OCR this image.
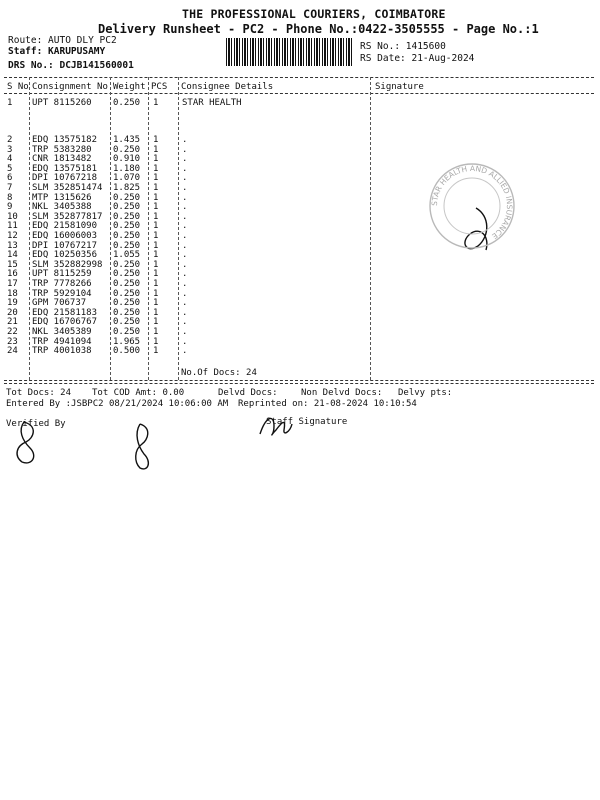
THE PROFESSIONAL COURIERS, COIMBATORE
Delivery Runsheet - PC2 - Phone No.:0422-3505555 - Page No.:1
Route: AUTO DLY PC2
Staff: KARUPUSAMY
DRS No.: DCJB141560001
RS No.: 1415600
RS Date: 21-Aug-2024
S No Consignment No Weight PCS Consignee Details	Signature
1 UPT 8115260 0.250 1	STAR HEALTH
2 EDQ 13575182 1.435 1	.
3 TRP 5383280 0.250 1	.
4 CNR 1813482 0.910 1	.
5 EDQ 13575181 1.180 1	.
6 DPI 10767218 1.070 1	.
7 SLM 352851474 1.825 1	.
8 MTP 1315626 0.250 1	.
9 NKL 3405388 0.250 1	.
10 SLM 352877817 0.250 1	.
11 EDQ 21581090 0.250 1	.
12 EDQ 16006003 0.250 1	.
13 DPI 10767217 0.250 1	.
14 EDQ 10250356 1.055 1	.
15 SLM 352882998 0.250 1	.
16 UPT 8115259 0.250 1	.
17 TRP 7778266 0.250 1	.
18 TRP 5929104 0.250 1	.
19 GPM 706737	0.250 1	.
20 EDQ 21581183 0.250 1	.
21 EDQ 16706767 0.250 1	.
22 NKL 3405389 0.250 1	.
23 TRP 4941094 1.965 1	.
24 TRP 4001038 0.500 1	.
No.Of Docs: 24
Tot Docs: 24 Tot COD Amt: 0.00	Delvd Docs:	Non Delvd Docs: Delvy pts:
Entered By :JSBPC2 08/21/2024 10:06:00 AM Reprinted on: 21-08-2024 10:10:54
Verified By	Staff Signature
STAR HEALTH AND ALLIED INSURANCE
